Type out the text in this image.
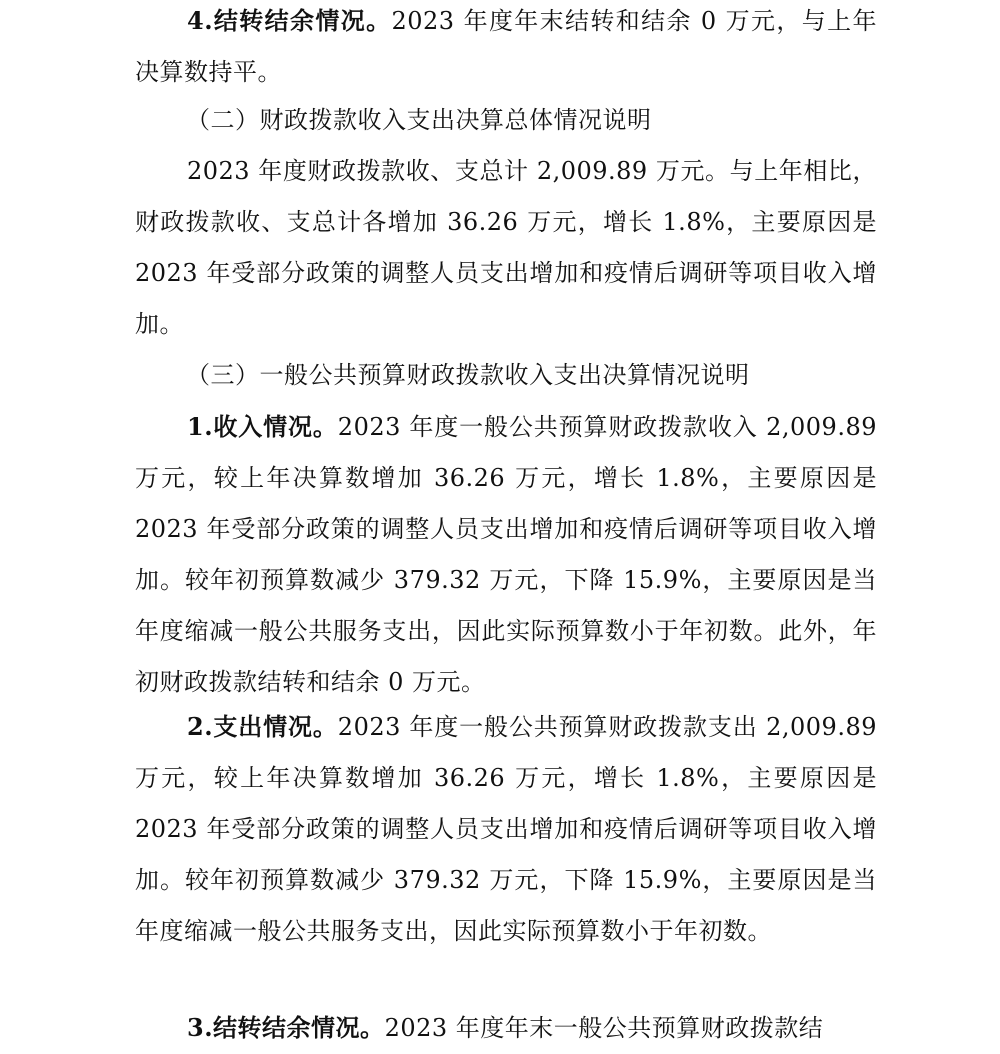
4.结转结余情况。2023 年度年末结转和结余 0 万元，与上年决算数持平。

（二）财政拨款收入支出决算总体情况说明

2023 年度财政拨款收、支总计 2,009.89 万元。与上年相比，财政拨款收、支总计各增加 36.26 万元，增长 1.8%，主要原因是 2023 年受部分政策的调整人员支出增加和疫情后调研等项目收入增加。

（三）一般公共预算财政拨款收入支出决算情况说明

1.收入情况。2023 年度一般公共预算财政拨款收入 2,009.89 万元，较上年决算数增加 36.26 万元，增长 1.8%，主要原因是 2023 年受部分政策的调整人员支出增加和疫情后调研等项目收入增加。较年初预算数减少 379.32 万元，下降 15.9%，主要原因是当年度缩减一般公共服务支出，因此实际预算数小于年初数。此外，年初财政拨款结转和结余 0 万元。

2.支出情况。2023 年度一般公共预算财政拨款支出 2,009.89 万元，较上年决算数增加 36.26 万元，增长 1.8%，主要原因是 2023 年受部分政策的调整人员支出增加和疫情后调研等项目收入增加。较年初预算数减少 379.32 万元，下降 15.9%，主要原因是当年度缩减一般公共服务支出，因此实际预算数小于年初数。

3.结转结余情况。2023 年度年末一般公共预算财政拨款结
